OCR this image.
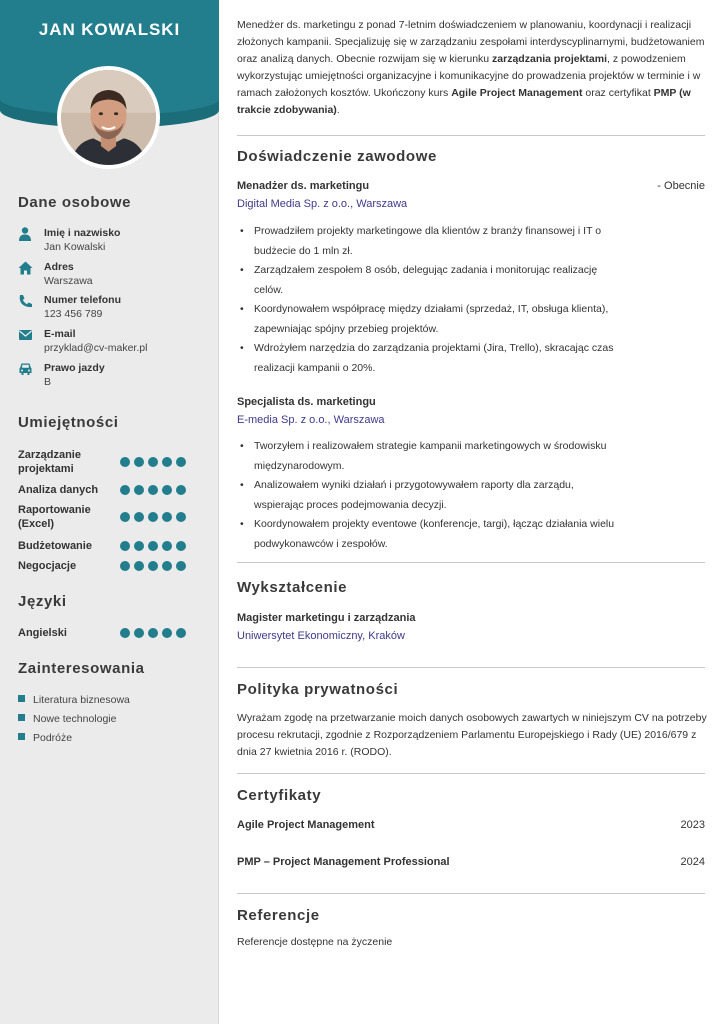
JAN KOWALSKI
Dane osobowe
Imię i nazwisko
Jan Kowalski
Adres
Warszawa
Numer telefonu
123 456 789
E-mail
przyklad@cv-maker.pl
Prawo jazdy
B
Umiejętności
Zarządzanie projektami
Analiza danych
Raportowanie (Excel)
Budżetowanie
Negocjacje
Języki
Angielski
Zainteresowania
Literatura biznesowa
Nowe technologie
Podróże
Menedżer ds. marketingu z ponad 7-letnim doświadczeniem w planowaniu, koordynacji i realizacji złożonych kampanii. Specjalizuję się w zarządzaniu zespołami interdyscyplinarnymi, budżetowaniem oraz analizą danych. Obecnie rozwijam się w kierunku zarządzania projektami, z powodzeniem wykorzystując umiejętności organizacyjne i komunikacyjne do prowadzenia projektów w terminie i w ramach założonych kosztów. Ukończony kurs Agile Project Management oraz certyfikat PMP (w trakcie zdobywania).
Doświadczenie zawodowe
Menadżer ds. marketingu	- Obecnie
Digital Media Sp. z o.o., Warszawa
• Prowadziłem projekty marketingowe dla klientów z branży finansowej i IT o budżecie do 1 mln zł.
• Zarządzałem zespołem 8 osób, delegując zadania i monitorując realizację celów.
• Koordynowałem współpracę między działami (sprzedaż, IT, obsługa klienta), zapewniając spójny przebieg projektów.
• Wdrożyłem narzędzia do zarządzania projektami (Jira, Trello), skracając czas realizacji kampanii o 20%.
Specjalista ds. marketingu
E-media Sp. z o.o., Warszawa
• Tworzyłem i realizowałem strategie kampanii marketingowych w środowisku międzynarodowym.
• Analizowałem wyniki działań i przygotowywałem raporty dla zarządu, wspierając proces podejmowania decyzji.
• Koordynowałem projekty eventowe (konferencje, targi), łącząc działania wielu podwykonawców i zespołów.
Wykształcenie
Magister marketingu i zarządzania
Uniwersytet Ekonomiczny, Kraków
Polityka prywatności
Wyrażam zgodę na przetwarzanie moich danych osobowych zawartych w niniejszym CV na potrzeby procesu rekrutacji, zgodnie z Rozporządzeniem Parlamentu Europejskiego i Rady (UE) 2016/679 z dnia 27 kwietnia 2016 r. (RODO).
Certyfikaty
Agile Project Management	2023
PMP – Project Management Professional	2024
Referencje
Referencje dostępne na życzenie
